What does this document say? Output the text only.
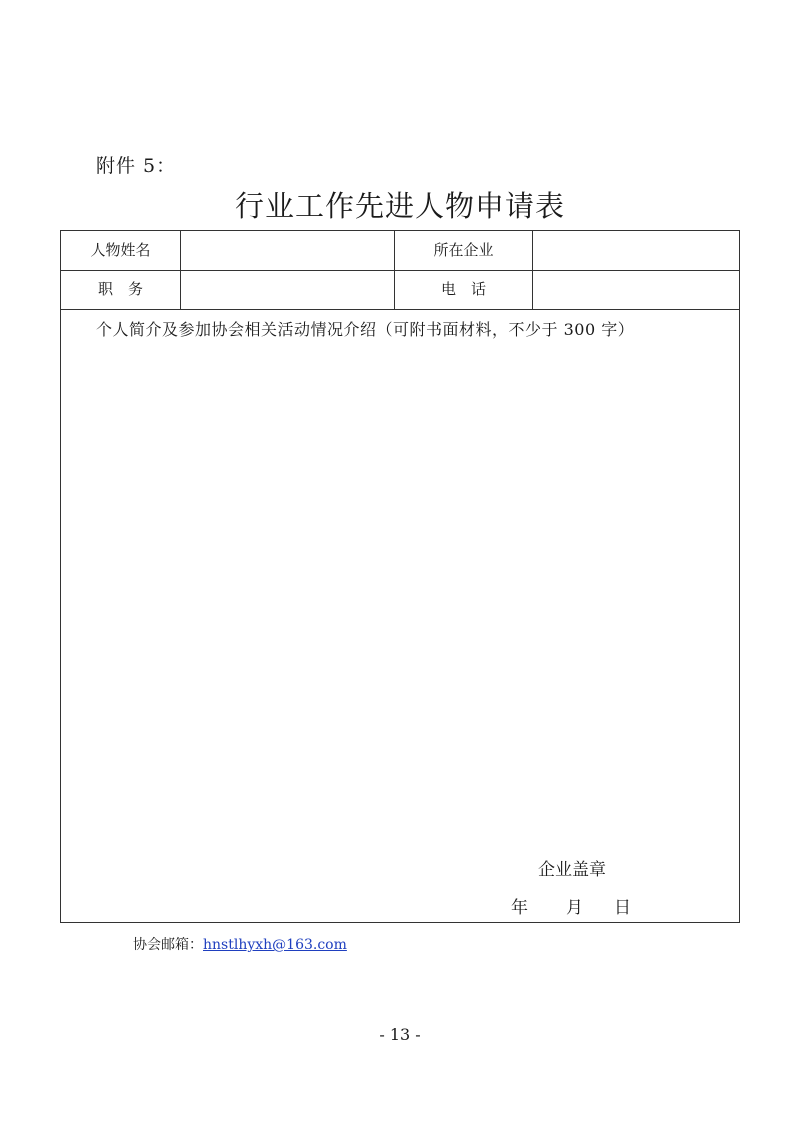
附件 5：
行业工作先进人物申请表
人物姓名	所在企业
职　务	电　话
个人简介及参加协会相关活动情况介绍（可附书面材料，不少于 300 字）
企业盖章
年 月 日
协会邮箱：hnstlhyxh@163.com
- 13 -
